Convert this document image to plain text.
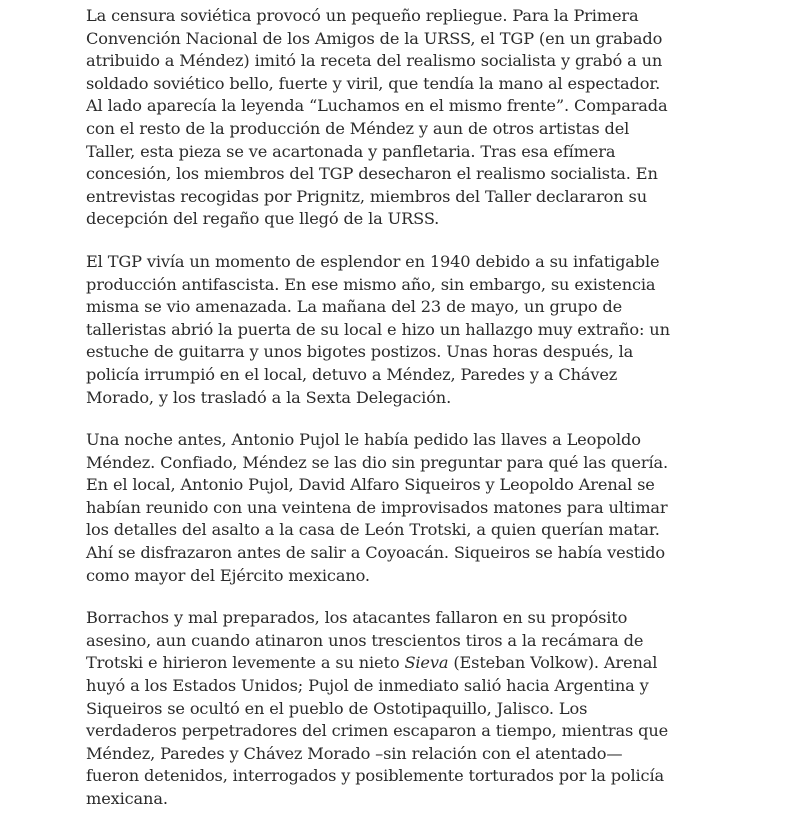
La censura soviética provocó un pequeño repliegue. Para la Primera Convención Nacional de los Amigos de la URSS, el TGP (en un grabado atribuido a Méndez) imitó la receta del realismo socialista y grabó a un soldado soviético bello, fuerte y viril, que tendía la mano al espectador. Al lado aparecía la leyenda “Luchamos en el mismo frente”. Comparada con el resto de la producción de Méndez y aun de otros artistas del Taller, esta pieza se ve acartonada y panfletaria. Tras esa efímera concesión, los miembros del TGP desecharon el realismo socialista. En entrevistas recogidas por Prignitz, miembros del Taller declararon su decepción del regaño que llegó de la URSS.

El TGP vivía un momento de esplendor en 1940 debido a su infatigable producción antifascista. En ese mismo año, sin embargo, su existencia misma se vio amenazada. La mañana del 23 de mayo, un grupo de talleristas abrió la puerta de su local e hizo un hallazgo muy extraño: un estuche de guitarra y unos bigotes postizos. Unas horas después, la policía irrumpió en el local, detuvo a Méndez, Paredes y a Chávez Morado, y los trasladó a la Sexta Delegación.

Una noche antes, Antonio Pujol le había pedido las llaves a Leopoldo Méndez. Confiado, Méndez se las dio sin preguntar para qué las quería. En el local, Antonio Pujol, David Alfaro Siqueiros y Leopoldo Arenal se habían reunido con una veintena de improvisados matones para ultimar los detalles del asalto a la casa de León Trotski, a quien querían matar. Ahí se disfrazaron antes de salir a Coyoacán. Siqueiros se había vestido como mayor del Ejército mexicano.

Borrachos y mal preparados, los atacantes fallaron en su propósito asesino, aun cuando atinaron unos trescientos tiros a la recámara de Trotski e hirieron levemente a su nieto Sieva (Esteban Volkow). Arenal huyó a los Estados Unidos; Pujol de inmediato salió hacia Argentina y Siqueiros se ocultó en el pueblo de Ostotipaquillo, Jalisco. Los verdaderos perpetradores del crimen escaparon a tiempo, mientras que Méndez, Paredes y Chávez Morado –sin relación con el atentado— fueron detenidos, interrogados y posiblemente torturados por la policía mexicana.
